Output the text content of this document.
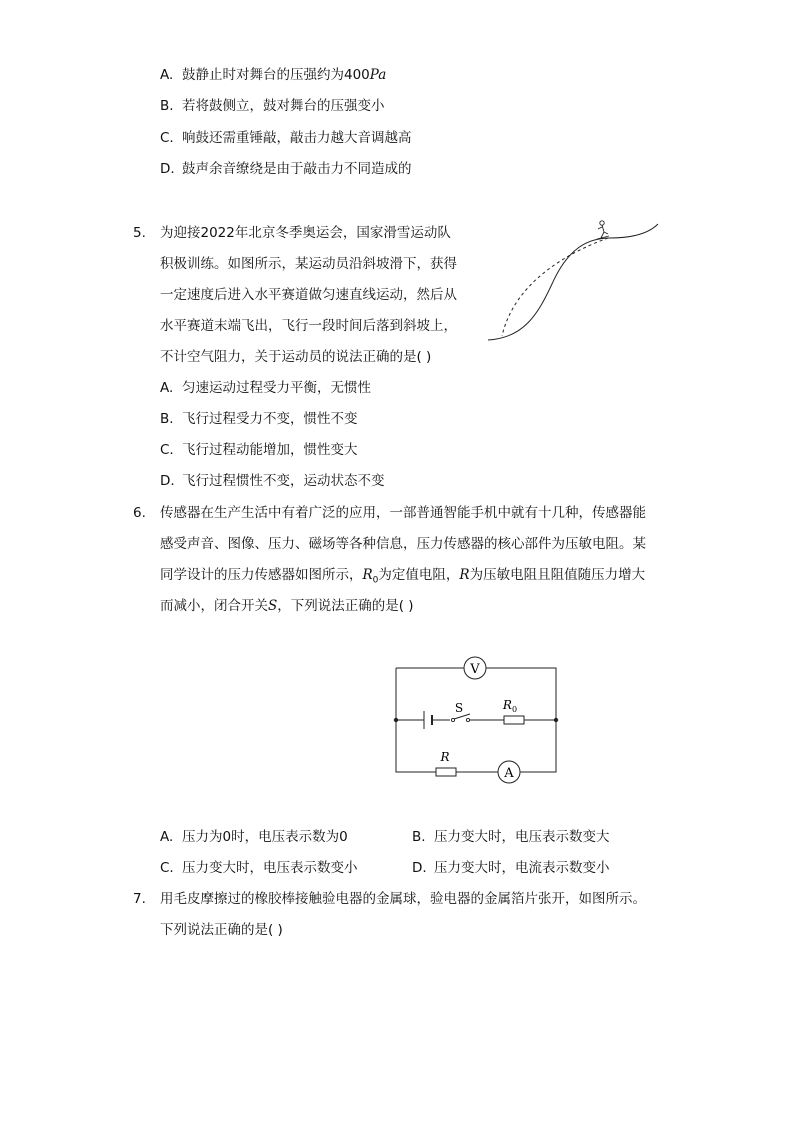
A. 鼓静止时对舞台的压强约为400Pa
B. 若将鼓侧立，鼓对舞台的压强变小
C. 响鼓还需重锤敲，敲击力越大音调越高
D. 鼓声余音缭绕是由于敲击力不同造成的
5.	为迎接2022年北京冬季奥运会，国家滑雪运动队
积极训练。如图所示，某运动员沿斜坡滑下，获得
一定速度后进入水平赛道做匀速直线运动，然后从
水平赛道末端飞出，飞行一段时间后落到斜坡上，
不计空气阻力，关于运动员的说法正确的是( )
A. 匀速运动过程受力平衡，无惯性
B. 飞行过程受力不变，惯性不变
C. 飞行过程动能增加，惯性变大
D. 飞行过程惯性不变，运动状态不变
6.	传感器在生产生活中有着广泛的应用，一部普通智能手机中就有十几种，传感器能
感受声音、图像、压力、磁场等各种信息，压力传感器的核心部件为压敏电阻。某
同学设计的压力传感器如图所示，$R_0$为定值电阻，R为压敏电阻且阻值随压力增大
而减小，闭合开关S，下列说法正确的是( )
V
S	$R_0$
R
A
A. 压力为0时，电压表示数为0	B. 压力变大时，电压表示数变大
C. 压力变大时，电压表示数变小	D. 压力变大时，电流表示数变小
7.	用毛皮摩擦过的橡胶棒接触验电器的金属球，验电器的金属箔片张开，如图所示。
下列说法正确的是( )
